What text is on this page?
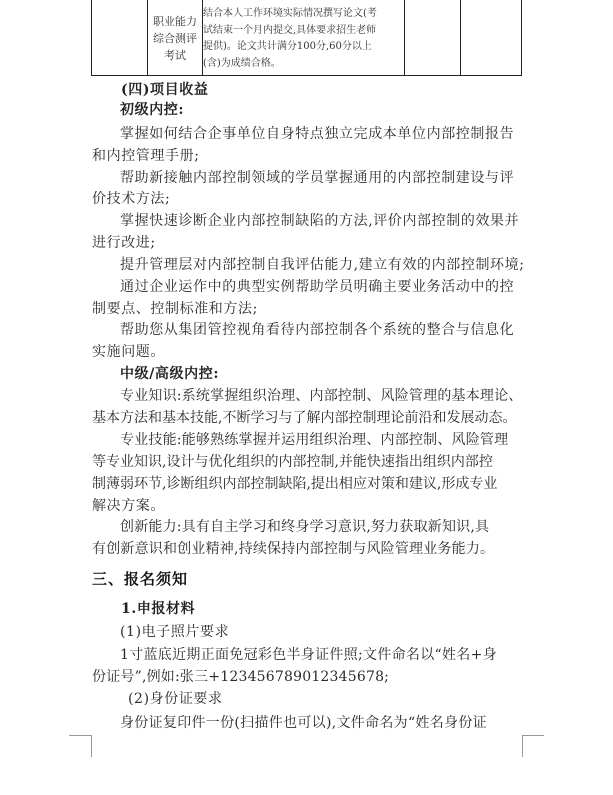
职业能力
综合测评
考试
结合本人工作环境实际情况撰写论文(考
试结束一个月内提交,具体要求招生老师
提供)。论文共计满分100分,60分以上
(含)为成绩合格。
(四)项目收益
初级内控:
掌握如何结合企事单位自身特点独立完成本单位内部控制报告
和内控管理手册;
帮助新接触内部控制领域的学员掌握通用的内部控制建设与评
价技术方法;
掌握快速诊断企业内部控制缺陷的方法,评价内部控制的效果并
进行改进;
提升管理层对内部控制自我评估能力,建立有效的内部控制环境;
通过企业运作中的典型实例帮助学员明确主要业务活动中的控
制要点、控制标准和方法;
帮助您从集团管控视角看待内部控制各个系统的整合与信息化
实施问题。
中级/高级内控:
专业知识:系统掌握组织治理、内部控制、风险管理的基本理论、
基本方法和基本技能,不断学习与了解内部控制理论前沿和发展动态。
专业技能:能够熟练掌握并运用组织治理、内部控制、风险管理
等专业知识,设计与优化组织的内部控制,并能快速指出组织内部控
制薄弱环节,诊断组织内部控制缺陷,提出相应对策和建议,形成专业
解决方案。
创新能力:具有自主学习和终身学习意识,努力获取新知识,具
有创新意识和创业精神,持续保持内部控制与风险管理业务能力。
三、报名须知
1.申报材料
(1)电子照片要求
1寸蓝底近期正面免冠彩色半身证件照;文件命名以“姓名+身
份证号”,例如:张三+123456789012345678;
(2)身份证要求
身份证复印件一份(扫描件也可以),文件命名为“姓名身份证
